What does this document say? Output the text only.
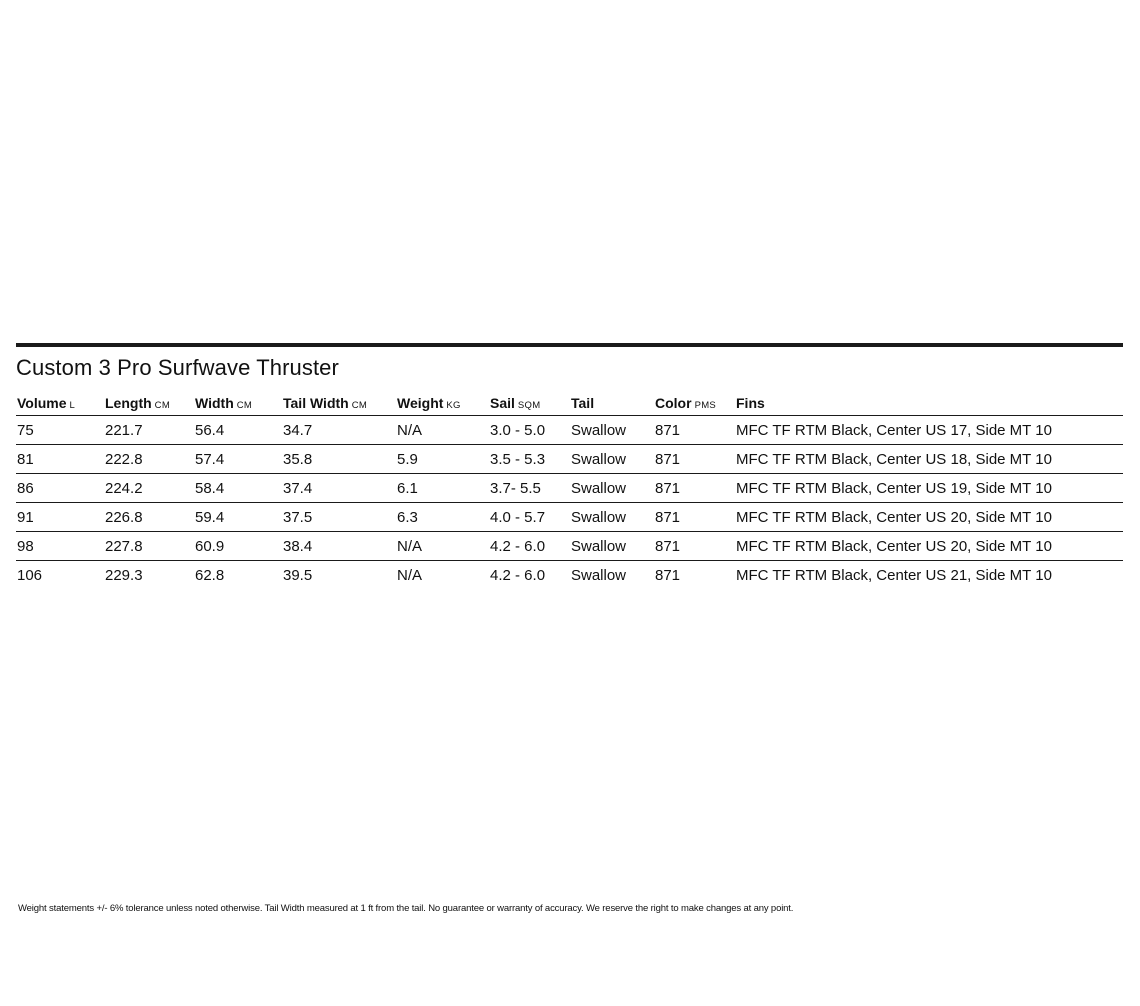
Custom 3 Pro Surfwave Thruster
Volume L	Length CM	Width CM	Tail Width CM	Weight KG	Sail SQM	Tail	Color PMS	Fins
75	221.7	56.4	34.7	N/A	3.0 - 5.0	Swallow	871	MFC TF RTM Black, Center US 17, Side MT 10
81	222.8	57.4	35.8	5.9	3.5 - 5.3	Swallow	871	MFC TF RTM Black, Center US 18, Side MT 10
86	224.2	58.4	37.4	6.1	3.7- 5.5	Swallow	871	MFC TF RTM Black, Center US 19, Side MT 10
91	226.8	59.4	37.5	6.3	4.0 - 5.7	Swallow	871	MFC TF RTM Black, Center US 20, Side MT 10
98	227.8	60.9	38.4	N/A	4.2 - 6.0	Swallow	871	MFC TF RTM Black, Center US 20, Side MT 10
106	229.3	62.8	39.5	N/A	4.2 - 6.0	Swallow	871	MFC TF RTM Black, Center US 21, Side MT 10
Weight statements +/- 6% tolerance unless noted otherwise. Tail Width measured at 1 ft from the tail. No guarantee or warranty of accuracy. We reserve the right to make changes at any point.
